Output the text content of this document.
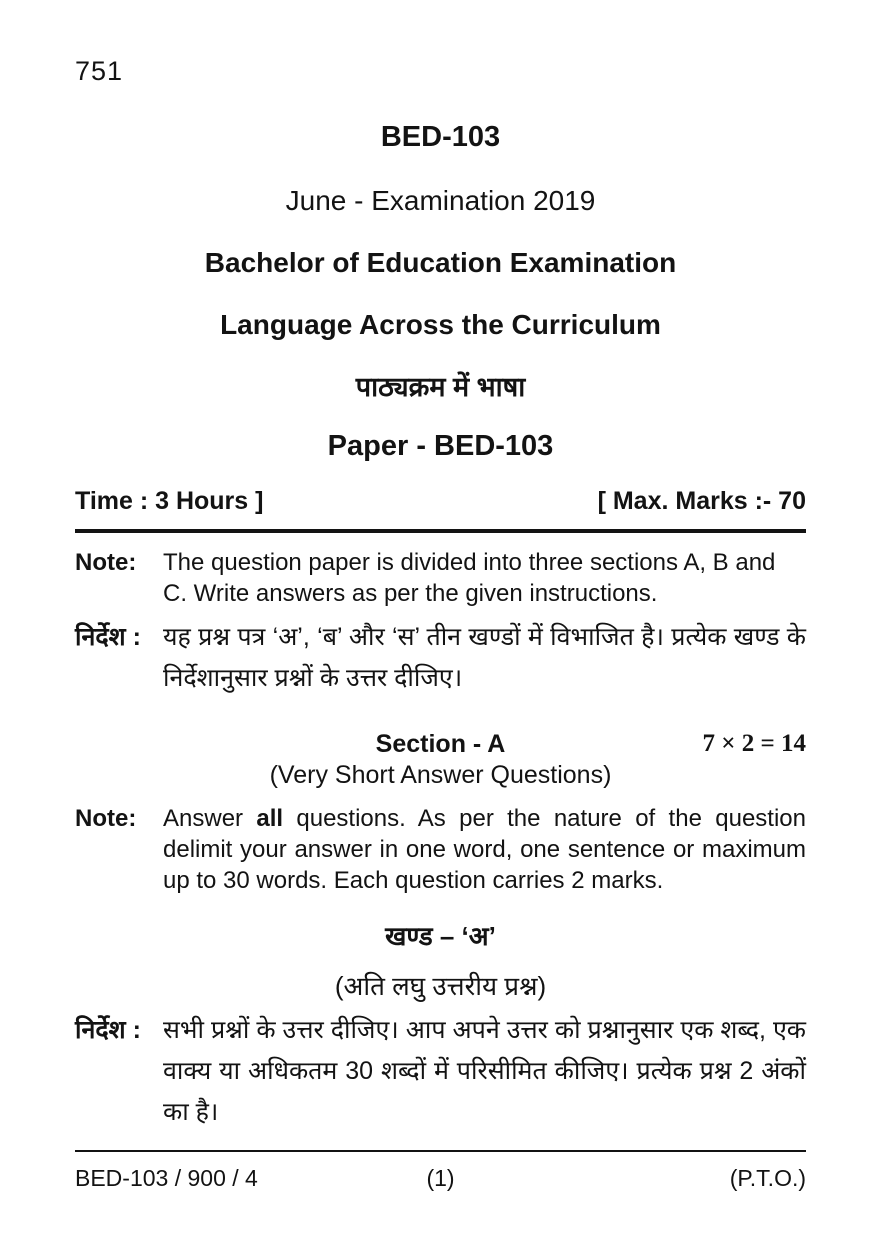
751
BED-103
June - Examination 2019
Bachelor of Education Examination
Language Across the Curriculum
पाठ्यक्रम में भाषा
Paper - BED-103
Time : 3 Hours ]	[ Max. Marks :- 70
Note:	The question paper is divided into three sections A, B and C. Write answers as per the given instructions.
निर्देश : यह प्रश्न पत्र ‘अ’, ‘ब’ और ‘स’ तीन खण्डों में विभाजित है। प्रत्येक खण्ड के निर्देशानुसार प्रश्नों के उत्तर दीजिए।
Section - A	7 × 2 = 14
(Very Short Answer Questions)
Note:	Answer all questions. As per the nature of the question delimit your answer in one word, one sentence or maximum up to 30 words. Each question carries 2 marks.
खण्ड – ‘अ’
(अति लघु उत्तरीय प्रश्न)
निर्देश : सभी प्रश्नों के उत्तर दीजिए। आप अपने उत्तर को प्रश्नानुसार एक शब्द, एक वाक्य या अधिकतम 30 शब्दों में परिसीमित कीजिए। प्रत्येक प्रश्न 2 अंकों का है।
BED-103 / 900 / 4	(1)	(P.T.O.)
